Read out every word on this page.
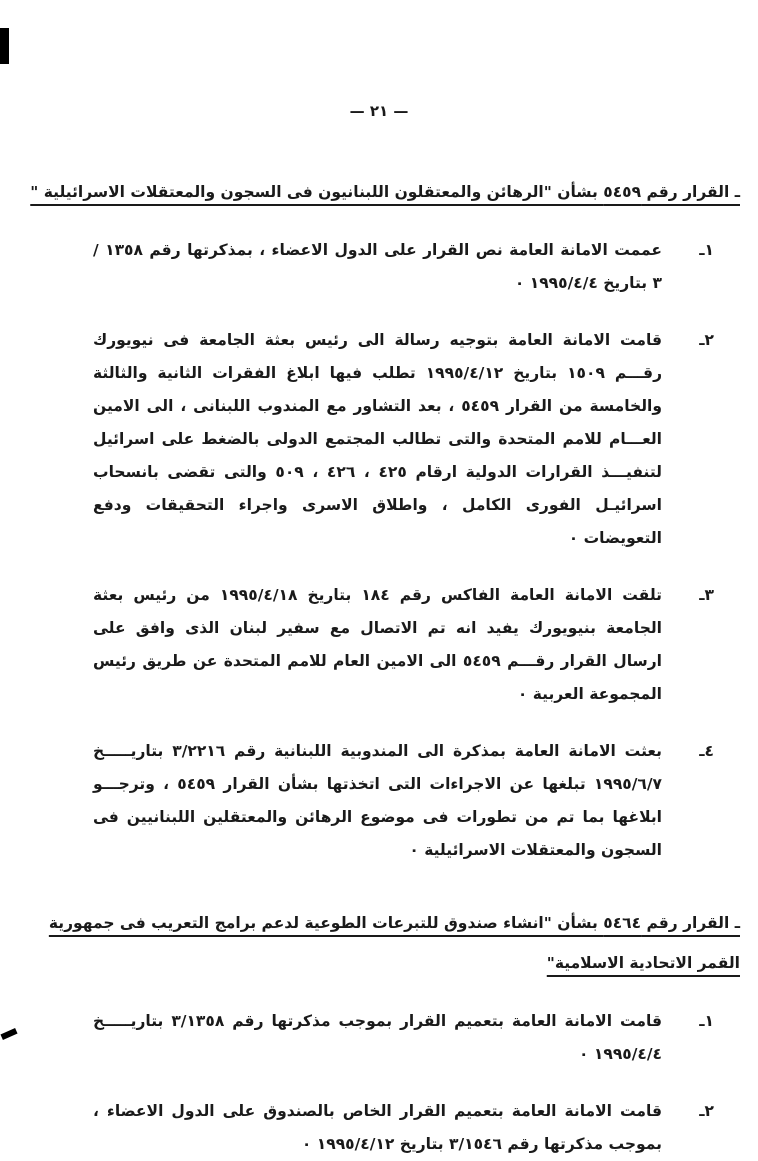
— ٢١ —
ـ القرار رقم ٥٤٥٩ بشأن "الرهائن والمعتقلون اللبنانيون فى السجون والمعتقلات الاسرائيلية "
١ـ
عممت الامانة العامة نص القرار على الدول الاعضاء ، بمذكرتها رقم ١٣٥٨ / ٣ بتاريخ ١٩٩٥/٤/٤ ٠
٢ـ
قامت الامانة العامة بتوجيه رسالة الى رئيس بعثة الجامعة فى نيويورك رقـــم ١٥٠٩ بتاريخ ١٩٩٥/٤/١٢ تطلب فيها ابلاغ الفقرات الثانية والثالثة والخامسة من القرار ٥٤٥٩ ، بعد التشاور مع المندوب اللبنانى ، الى الامين العـــام للامم المتحدة والتى تطالب المجتمع الدولى بالضغط على اسرائيل لتنفيـــذ القرارات الدولية ارقام ٤٢٥ ، ٤٢٦ ، ٥٠٩ والتى تقضى بانسحاب اسرائيـل الفورى الكامل ، واطلاق الاسرى واجراء التحقيقات ودفع التعويضات ٠
٣ـ
تلقت الامانة العامة الفاكس رقم ١٨٤ بتاريخ ١٩٩٥/٤/١٨ من رئيس بعثة الجامعة بنيويورك يفيد انه تم الاتصال مع سفير لبنان الذى وافق على ارسال القرار رقـــم ٥٤٥٩ الى الامين العام للامم المتحدة عن طريق رئيس المجموعة العربية ٠
٤ـ
بعثت الامانة العامة بمذكرة الى المندوبية اللبنانية رقم ٣/٢٢١٦ بتاريـــــخ ١٩٩٥/٦/٧ تبلغها عن الاجراءات التى اتخذتها بشأن القرار ٥٤٥٩ ، وترجـــو ابلاغها بما تم من تطورات فى موضوع الرهائن والمعتقلين اللبنانيين فى السجون والمعتقلات الاسرائيلية ٠
ـ القرار رقم ٥٤٦٤ بشأن "انشاء صندوق للتبرعات الطوعية لدعم برامج التعريب فى جمهورية
القمر الاتحادية الاسلامية"
١ـ
قامت الامانة العامة بتعميم القرار بموجب مذكرتها رقم ٣/١٣٥٨ بتاريـــــخ ١٩٩٥/٤/٤ ٠
٢ـ
قامت الامانة العامة بتعميم القرار الخاص بالصندوق على الدول الاعضاء ، بموجب مذكرتها رقم ٣/١٥٤٦ بتاريخ ١٩٩٥/٤/١٢ ٠
